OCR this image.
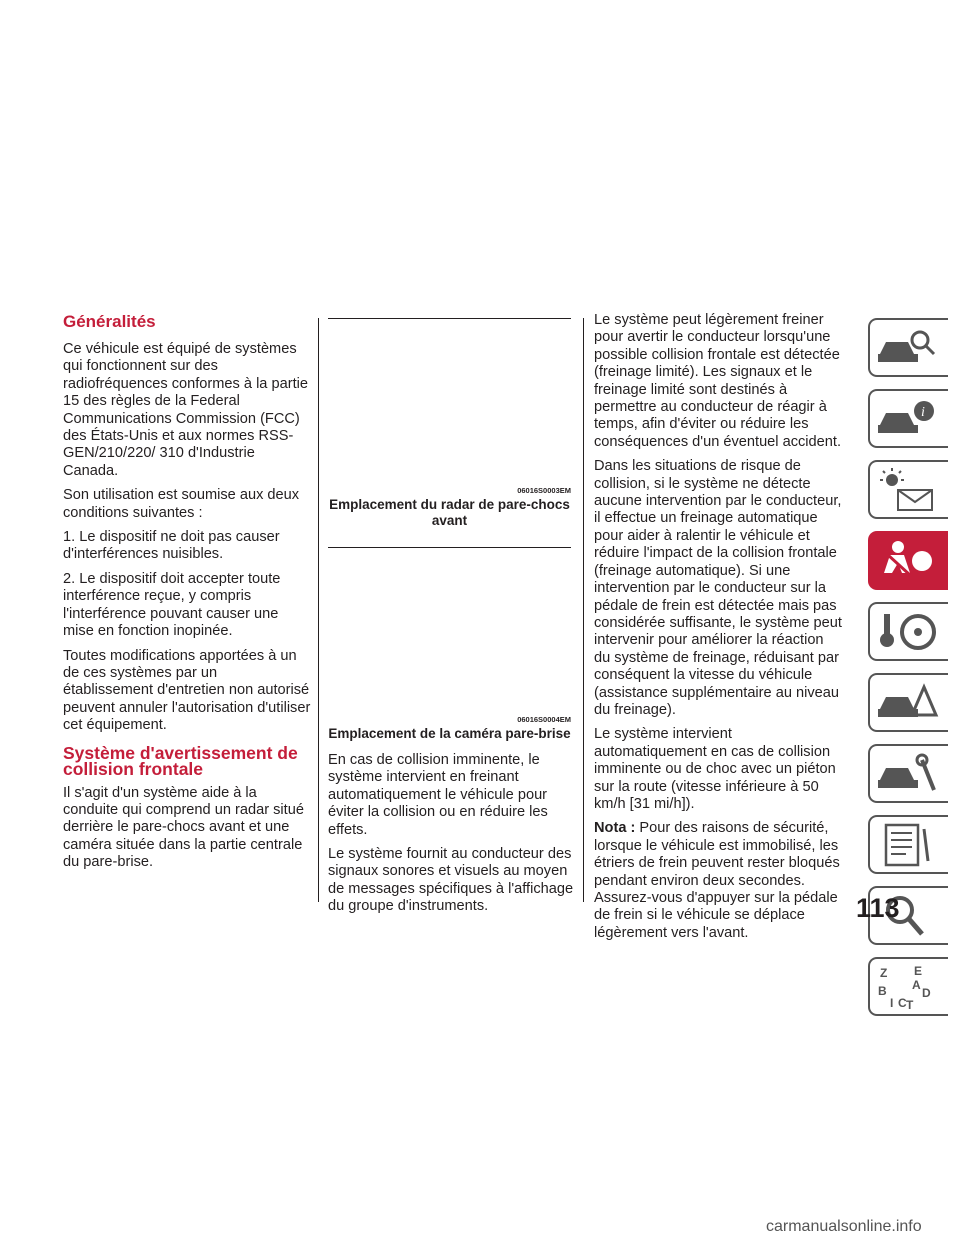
Généralités

Ce véhicule est équipé de systèmes qui fonctionnent sur des radiofréquences conformes à la partie 15 des règles de la Federal Communications Commission (FCC) des États-Unis et aux normes RSS-GEN/210/220/ 310 d'Industrie Canada.

Son utilisation est soumise aux deux conditions suivantes :

1. Le dispositif ne doit pas causer d'interférences nuisibles.

2. Le dispositif doit accepter toute interférence reçue, y compris l'interférence pouvant causer une mise en fonction inopinée.

Toutes modifications apportées à un de ces systèmes par un établissement d'entretien non autorisé peuvent annuler l'autorisation d'utiliser cet équipement.

Système d'avertissement de collision frontale

Il s'agit d'un système aide à la conduite qui comprend un radar situé derrière le pare-chocs avant et une caméra située dans la partie centrale du pare-brise.

06016S0003EM
Emplacement du radar de pare-chocs avant
06016S0004EM
Emplacement de la caméra pare-brise

En cas de collision imminente, le système intervient en freinant automatiquement le véhicule pour éviter la collision ou en réduire les effets.

Le système fournit au conducteur des signaux sonores et visuels au moyen de messages spécifiques à l'affichage du groupe d'instruments.

Le système peut légèrement freiner pour avertir le conducteur lorsqu'une possible collision frontale est détectée (freinage limité). Les signaux et le freinage limité sont destinés à permettre au conducteur de réagir à temps, afin d'éviter ou réduire les conséquences d'un éventuel accident.

Dans les situations de risque de collision, si le système ne détecte aucune intervention par le conducteur, il effectue un freinage automatique pour aider à ralentir le véhicule et réduire l'impact de la collision frontale (freinage automatique). Si une intervention par le conducteur sur la pédale de frein est détectée mais pas considérée suffisante, le système peut intervenir pour améliorer la réaction du système de freinage, réduisant par conséquent la vitesse du véhicule (assistance supplémentaire au niveau du freinage).

Le système intervient automatiquement en cas de collision imminente ou de choc avec un piéton sur la route (vitesse inférieure à 50 km/h [31 mi/h]).

Nota : Pour des raisons de sécurité, lorsque le véhicule est immobilisé, les étriers de frein peuvent rester bloqués pendant environ deux secondes. Assurez-vous d'appuyer sur la pédale de frein si le véhicule se déplace légèrement vers l'avant.

i
Z E
A
B	D
I C T
113
carmanualsonline.info
